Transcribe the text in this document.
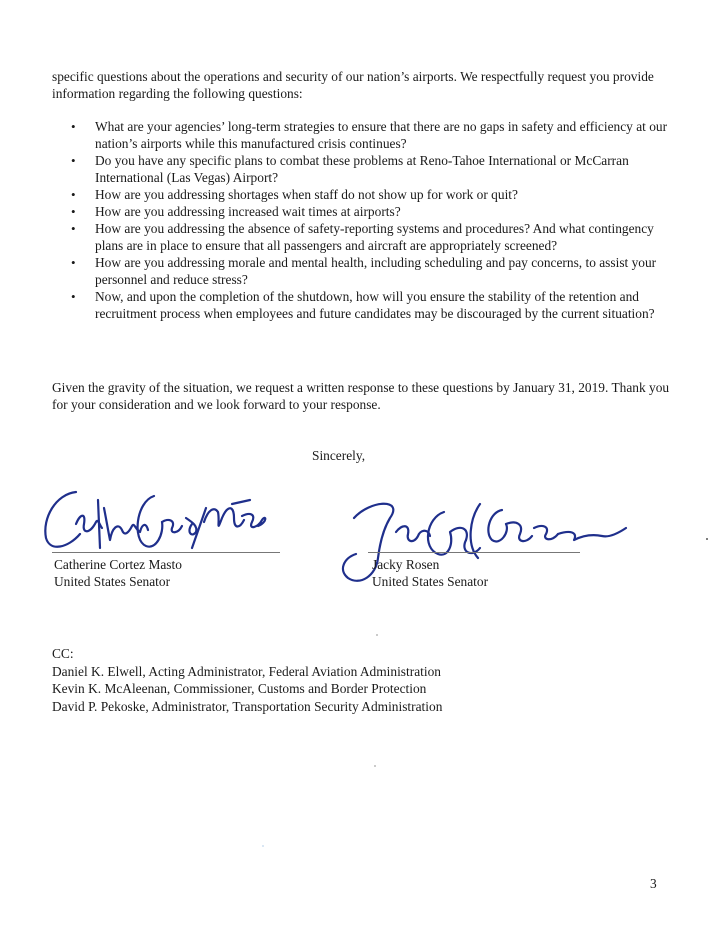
specific questions about the operations and security of our nation’s airports. We respectfully request you provide information regarding the following questions:

• What are your agencies’ long-term strategies to ensure that there are no gaps in safety and efficiency at our nation’s airports while this manufactured crisis continues?
• Do you have any specific plans to combat these problems at Reno-Tahoe International or McCarran International (Las Vegas) Airport?
• How are you addressing shortages when staff do not show up for work or quit?
• How are you addressing increased wait times at airports?
• How are you addressing the absence of safety-reporting systems and procedures? And what contingency plans are in place to ensure that all passengers and aircraft are appropriately screened?
• How are you addressing morale and mental health, including scheduling and pay concerns, to assist your personnel and reduce stress?
• Now, and upon the completion of the shutdown, how will you ensure the stability of the retention and recruitment process when employees and future candidates may be discouraged by the current situation?

Given the gravity of the situation, we request a written response to these questions by January 31, 2019. Thank you for your consideration and we look forward to your response.

Sincerely,

Catherine Cortez Masto
United States Senator
Jacky Rosen
United States Senator
CC:
Daniel K. Elwell, Acting Administrator, Federal Aviation Administration
Kevin K. McAleenan, Commissioner, Customs and Border Protection
David P. Pekoske, Administrator, Transportation Security Administration
3
